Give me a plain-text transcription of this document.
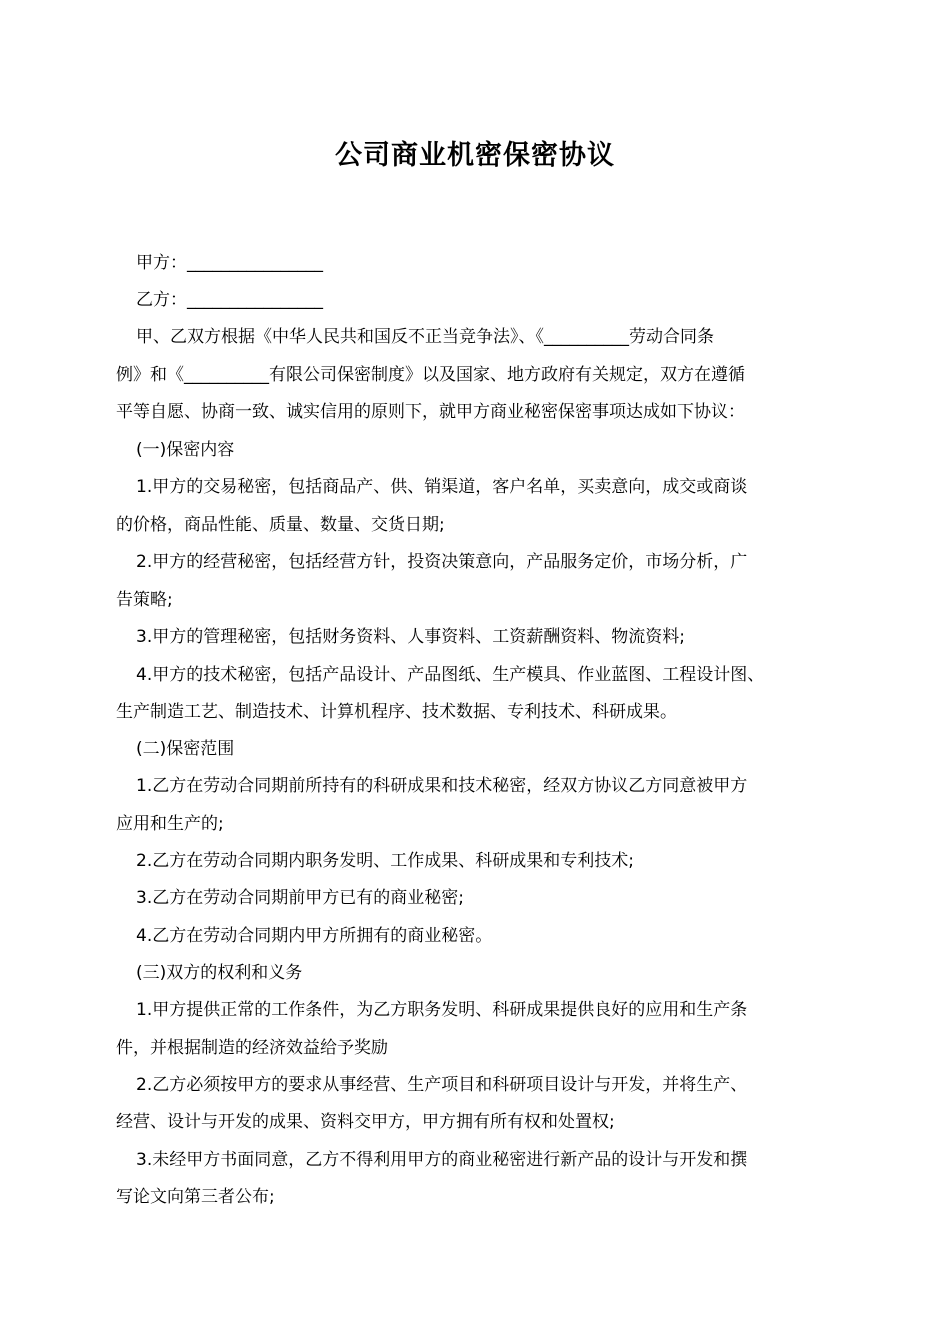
公司商业机密保密协议
甲方：________________
乙方：________________
甲、乙双方根据《中华人民共和国反不正当竞争法》、《__________劳动合同条
例》和《__________有限公司保密制度》以及国家、地方政府有关规定，双方在遵循
平等自愿、协商一致、诚实信用的原则下，就甲方商业秘密保密事项达成如下协议：
(一)保密内容
1.甲方的交易秘密，包括商品产、供、销渠道，客户名单，买卖意向，成交或商谈
的价格，商品性能、质量、数量、交货日期;
2.甲方的经营秘密，包括经营方针，投资决策意向，产品服务定价，市场分析，广
告策略;
3.甲方的管理秘密，包括财务资料、人事资料、工资薪酬资料、物流资料;
4.甲方的技术秘密，包括产品设计、产品图纸、生产模具、作业蓝图、工程设计图、
生产制造工艺、制造技术、计算机程序、技术数据、专利技术、科研成果。
(二)保密范围
1.乙方在劳动合同期前所持有的科研成果和技术秘密，经双方协议乙方同意被甲方
应用和生产的;
2.乙方在劳动合同期内职务发明、工作成果、科研成果和专利技术;
3.乙方在劳动合同期前甲方已有的商业秘密;
4.乙方在劳动合同期内甲方所拥有的商业秘密。
(三)双方的权利和义务
1.甲方提供正常的工作条件，为乙方职务发明、科研成果提供良好的应用和生产条
件，并根据制造的经济效益给予奖励
2.乙方必须按甲方的要求从事经营、生产项目和科研项目设计与开发，并将生产、
经营、设计与开发的成果、资料交甲方，甲方拥有所有权和处置权;
3.未经甲方书面同意，乙方不得利用甲方的商业秘密进行新产品的设计与开发和撰
写论文向第三者公布;
